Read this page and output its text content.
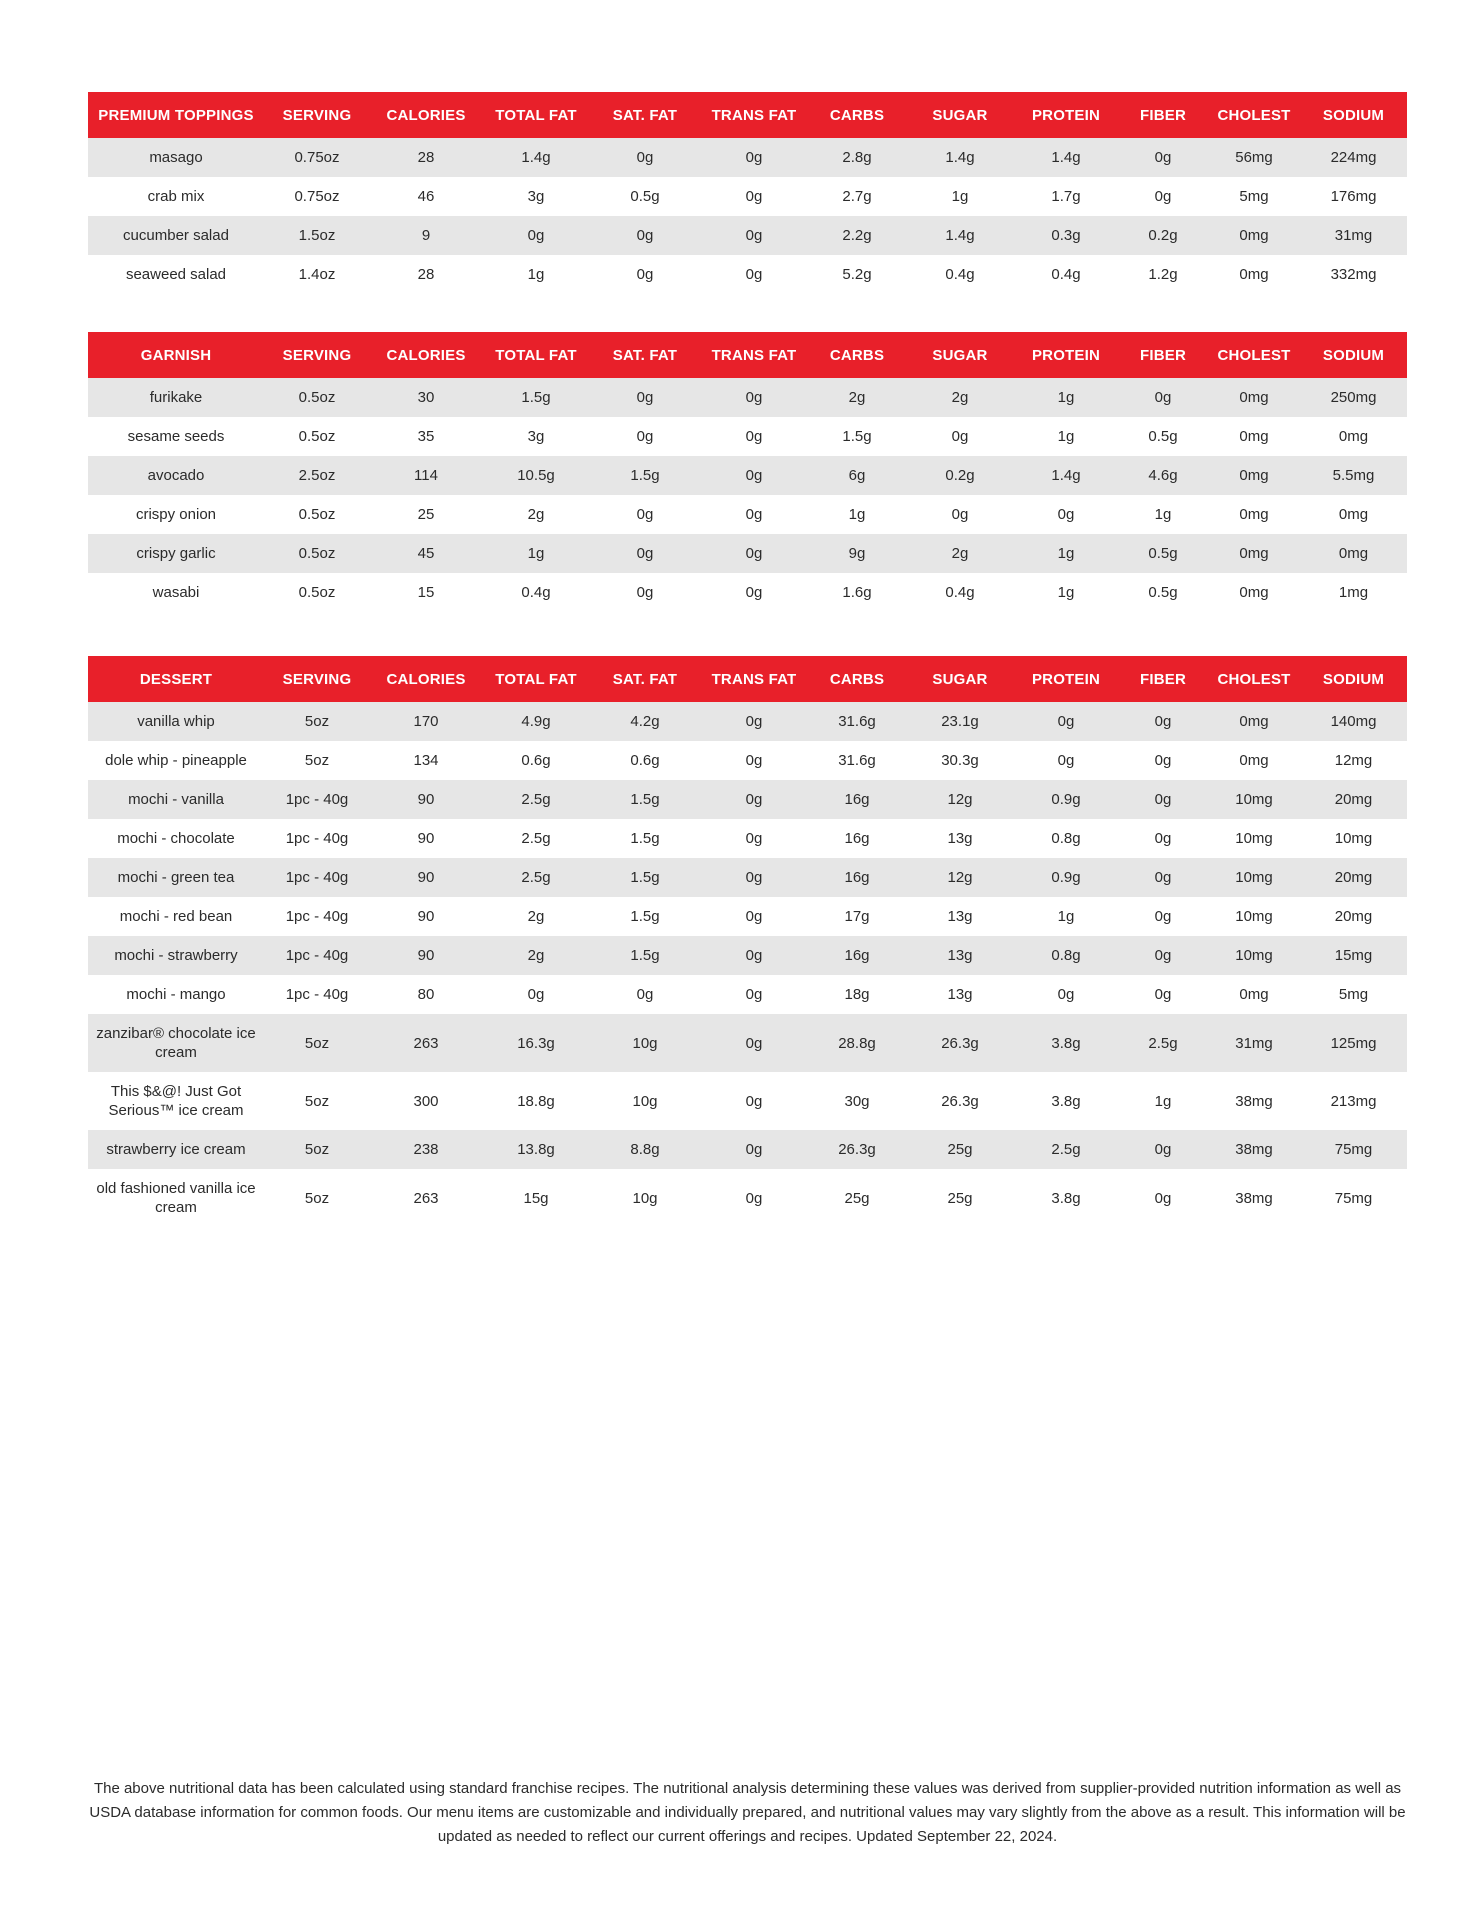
PREMIUM TOPPINGS	SERVING	CALORIES	TOTAL FAT	SAT. FAT	TRANS FAT	CARBS	SUGAR	PROTEIN	FIBER	CHOLEST	SODIUM
masago	0.75oz	28	1.4g	0g	0g	2.8g	1.4g	1.4g	0g	56mg	224mg
crab mix	0.75oz	46	3g	0.5g	0g	2.7g	1g	1.7g	0g	5mg	176mg
cucumber salad	1.5oz	9	0g	0g	0g	2.2g	1.4g	0.3g	0.2g	0mg	31mg
seaweed salad	1.4oz	28	1g	0g	0g	5.2g	0.4g	0.4g	1.2g	0mg	332mg
GARNISH	SERVING	CALORIES	TOTAL FAT	SAT. FAT	TRANS FAT	CARBS	SUGAR	PROTEIN	FIBER	CHOLEST	SODIUM
furikake	0.5oz	30	1.5g	0g	0g	2g	2g	1g	0g	0mg	250mg
sesame seeds	0.5oz	35	3g	0g	0g	1.5g	0g	1g	0.5g	0mg	0mg
avocado	2.5oz	114	10.5g	1.5g	0g	6g	0.2g	1.4g	4.6g	0mg	5.5mg
crispy onion	0.5oz	25	2g	0g	0g	1g	0g	0g	1g	0mg	0mg
crispy garlic	0.5oz	45	1g	0g	0g	9g	2g	1g	0.5g	0mg	0mg
wasabi	0.5oz	15	0.4g	0g	0g	1.6g	0.4g	1g	0.5g	0mg	1mg
DESSERT	SERVING	CALORIES	TOTAL FAT	SAT. FAT	TRANS FAT	CARBS	SUGAR	PROTEIN	FIBER	CHOLEST	SODIUM
vanilla whip	5oz	170	4.9g	4.2g	0g	31.6g	23.1g	0g	0g	0mg	140mg
dole whip - pineapple	5oz	134	0.6g	0.6g	0g	31.6g	30.3g	0g	0g	0mg	12mg
mochi - vanilla	1pc - 40g	90	2.5g	1.5g	0g	16g	12g	0.9g	0g	10mg	20mg
mochi - chocolate	1pc - 40g	90	2.5g	1.5g	0g	16g	13g	0.8g	0g	10mg	10mg
mochi - green tea	1pc - 40g	90	2.5g	1.5g	0g	16g	12g	0.9g	0g	10mg	20mg
mochi - red bean	1pc - 40g	90	2g	1.5g	0g	17g	13g	1g	0g	10mg	20mg
mochi - strawberry	1pc - 40g	90	2g	1.5g	0g	16g	13g	0.8g	0g	10mg	15mg
mochi - mango	1pc - 40g	80	0g	0g	0g	18g	13g	0g	0g	0mg	5mg
zanzibar® chocolate ice cream	5oz	263	16.3g	10g	0g	28.8g	26.3g	3.8g	2.5g	31mg	125mg
This $&@! Just Got Serious™ ice cream	5oz	300	18.8g	10g	0g	30g	26.3g	3.8g	1g	38mg	213mg
strawberry ice cream	5oz	238	13.8g	8.8g	0g	26.3g	25g	2.5g	0g	38mg	75mg
old fashioned vanilla ice cream	5oz	263	15g	10g	0g	25g	25g	3.8g	0g	38mg	75mg

The above nutritional data has been calculated using standard franchise recipes. The nutritional analysis determining these values was derived from supplier-provided nutrition information as well as USDA database information for common foods. Our menu items are customizable and individually prepared, and nutritional values may vary slightly from the above as a result. This information will be updated as needed to reflect our current offerings and recipes. Updated September 22, 2024.
